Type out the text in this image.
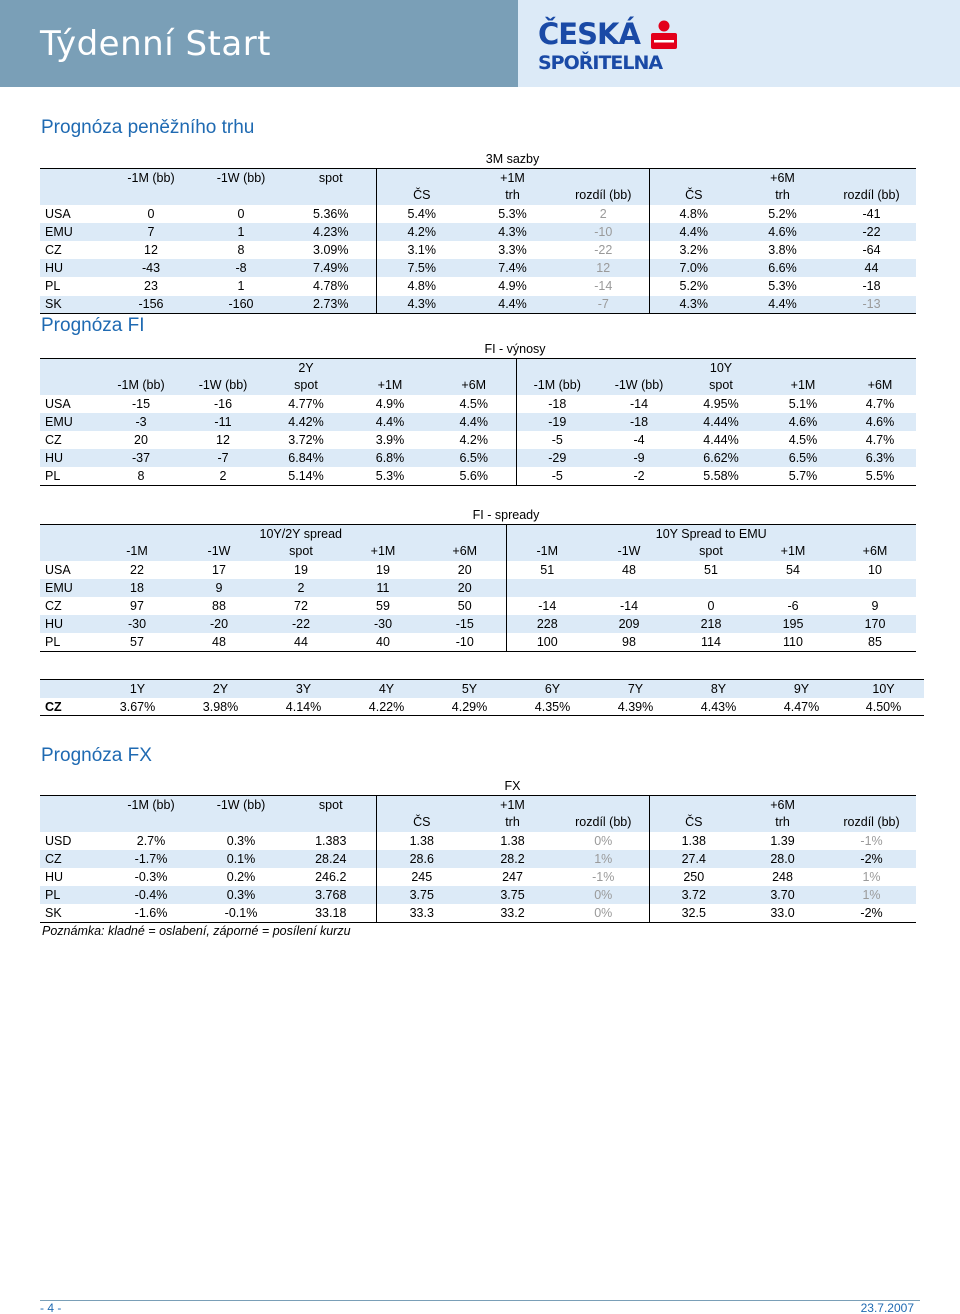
Týdenní Start	ČESKÁ
SPOŘITELNA
Prognóza peněžního trhu
				3M sazby					
	-1M (bb)	-1W (bb)	spot		+1M			+6M	
				ČS	trh	rozdíl (bb)	ČS	trh	rozdíl (bb)
USA	0	0	5.36%	5.4%	5.3%	2	4.8%	5.2%	-41
EMU	7	1	4.23%	4.2%	4.3%	-10	4.4%	4.6%	-22
CZ	12	8	3.09%	3.1%	3.3%	-22	3.2%	3.8%	-64
HU	-43	-8	7.49%	7.5%	7.4%	12	7.0%	6.6%	44
PL	23	1	4.78%	4.8%	4.9%	-14	5.2%	5.3%	-18
SK	-156	-160	2.73%	4.3%	4.4%	-7	4.3%	4.4%	-13
Prognóza FI
					FI - výnosy					
			2Y					10Y		
	-1M (bb)	-1W (bb)	spot	+1M	+6M	-1M (bb)	-1W (bb)	spot	+1M	+6M
USA	-15	-16	4.77%	4.9%	4.5%	-18	-14	4.95%	5.1%	4.7%
EMU	-3	-11	4.42%	4.4%	4.4%	-19	-18	4.44%	4.6%	4.6%
CZ	20	12	3.72%	3.9%	4.2%	-5	-4	4.44%	4.5%	4.7%
HU	-37	-7	6.84%	6.8%	6.5%	-29	-9	6.62%	6.5%	6.3%
PL	8	2	5.14%	5.3%	5.6%	-5	-2	5.58%	5.7%	5.5%
					FI - spready					
	10Y/2Y spread					10Y Spread to EMU				
	-1M	-1W	spot	+1M	+6M	-1M	-1W	spot	+1M	+6M
USA	22	17	19	19	20	51	48	51	54	10
EMU	18	9	2	11	20					
CZ	97	88	72	59	50	-14	-14	0	-6	9
HU	-30	-20	-22	-30	-15	228	209	218	195	170
PL	57	48	44	40	-10	100	98	114	110	85
	1Y	2Y	3Y	4Y	5Y	6Y	7Y	8Y	9Y	10Y
CZ	3.67%	3.98%	4.14%	4.22%	4.29%	4.35%	4.39%	4.43%	4.47%	4.50%
Prognóza FX
				FX					
	-1M (bb)	-1W (bb)	spot		+1M			+6M	
				ČS	trh	rozdíl (bb)	ČS	trh	rozdíl (bb)
USD	2.7%	0.3%	1.383	1.38	1.38	0%	1.38	1.39	-1%
CZ	-1.7%	0.1%	28.24	28.6	28.2	1%	27.4	28.0	-2%
HU	-0.3%	0.2%	246.2	245	247	-1%	250	248	1%
PL	-0.4%	0.3%	3.768	3.75	3.75	0%	3.72	3.70	1%
SK	-1.6%	-0.1%	33.18	33.3	33.2	0%	32.5	33.0	-2%
Poznámka: kladné = oslabení, záporné = posílení kurzu
- 4 -	23.7.2007
